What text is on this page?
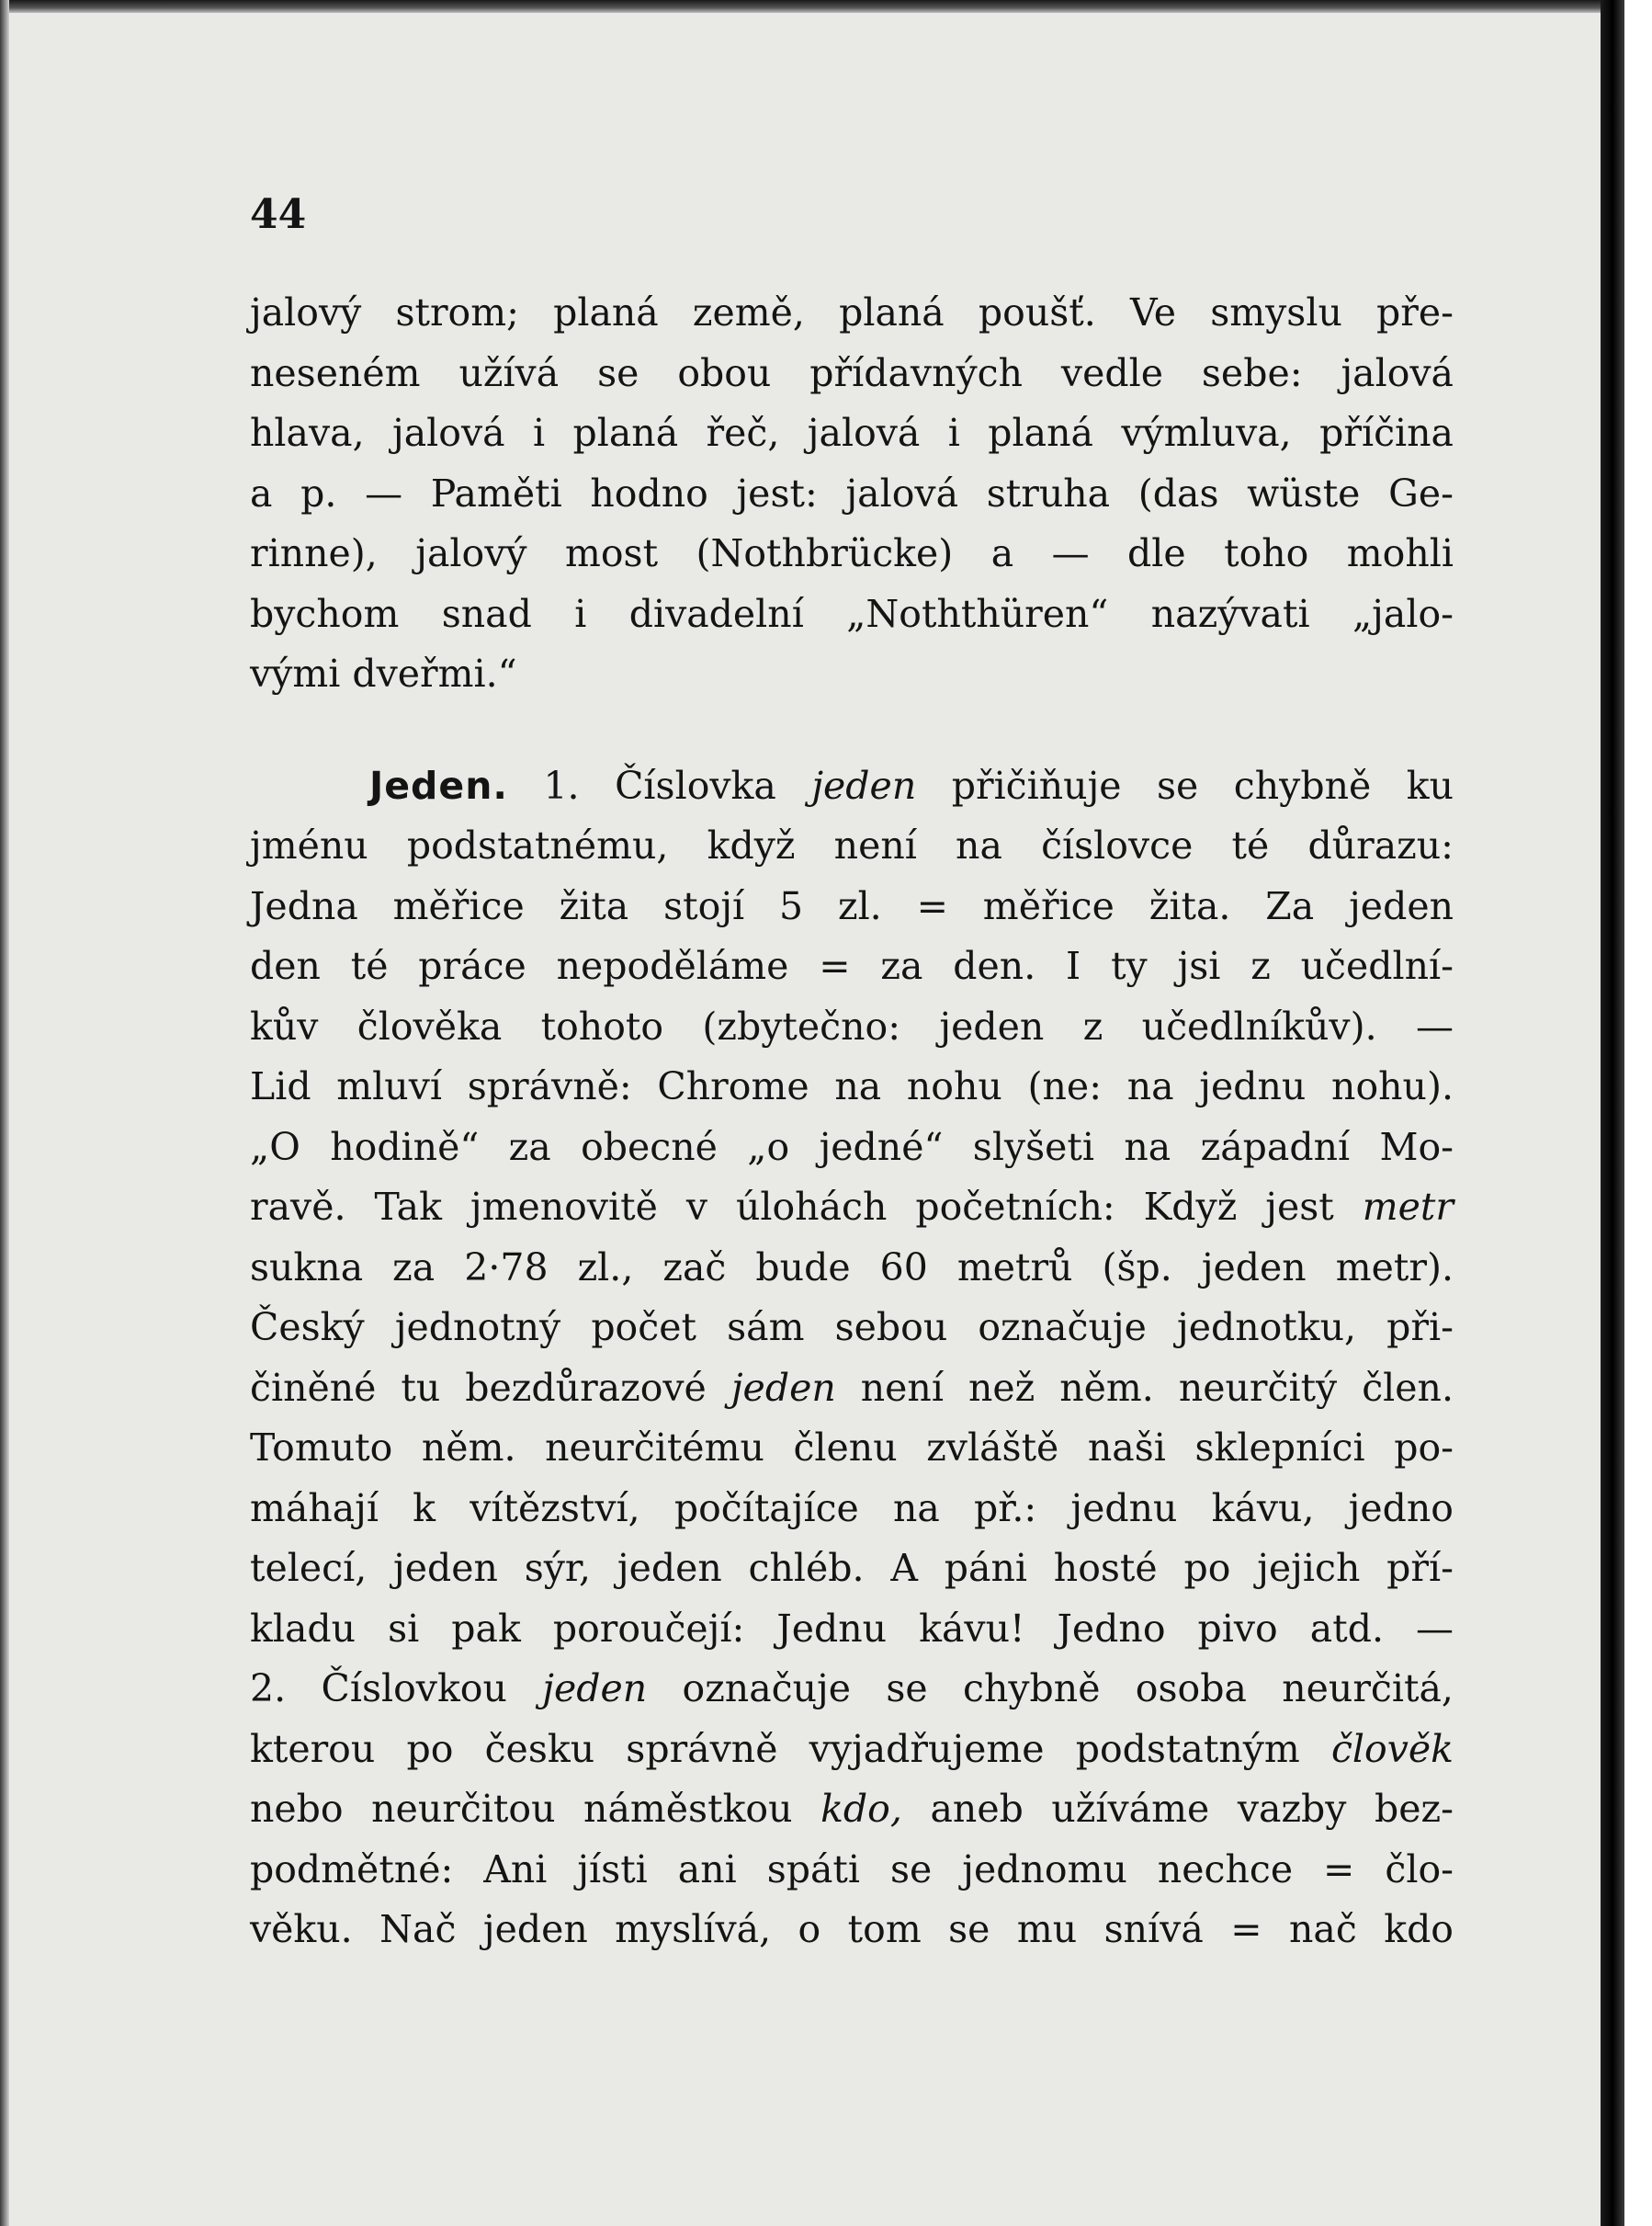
44
jalový strom; planá země, planá poušť. Ve smyslu pře-
neseném užívá se obou přídavných vedle sebe: jalová
hlava, jalová i planá řeč, jalová i planá výmluva, příčina
a p. — Paměti hodno jest: jalová struha (das wüste Ge-
rinne), jalový most (Nothbrücke) a — dle toho mohli
bychom snad i divadelní „Noththüren“ nazývati „jalo-
vými dveřmi.“
Jeden. 1. Číslovka jeden přičiňuje se chybně ku
jménu podstatnému, když není na číslovce té důrazu:
Jedna měřice žita stojí 5 zl. = měřice žita. Za jeden
den té práce nepoděláme = za den. I ty jsi z učedlní-
kův člověka tohoto (zbytečno: jeden z učedlníkův). —
Lid mluví správně: Chrome na nohu (ne: na jednu nohu).
„O hodině“ za obecné „o jedné“ slyšeti na západní Mo-
ravě. Tak jmenovitě v úlohách početních: Když jest metr
sukna za 2·78 zl., zač bude 60 metrů (šp. jeden metr).
Český jednotný počet sám sebou označuje jednotku, při-
činěné tu bezdůrazové jeden není než něm. neurčitý člen.
Tomuto něm. neurčitému členu zvláště naši sklepníci po-
máhají k vítězství, počítajíce na př.: jednu kávu, jedno
telecí, jeden sýr, jeden chléb. A páni hosté po jejich pří-
kladu si pak poroučejí: Jednu kávu! Jedno pivo atd. —
2. Číslovkou jeden označuje se chybně osoba neurčitá,
kterou po česku správně vyjadřujeme podstatným člověk
nebo neurčitou náměstkou kdo, aneb užíváme vazby bez-
podmětné: Ani jísti ani spáti se jednomu nechce = člo-
věku. Nač jeden myslívá, o tom se mu snívá = nač kdo
